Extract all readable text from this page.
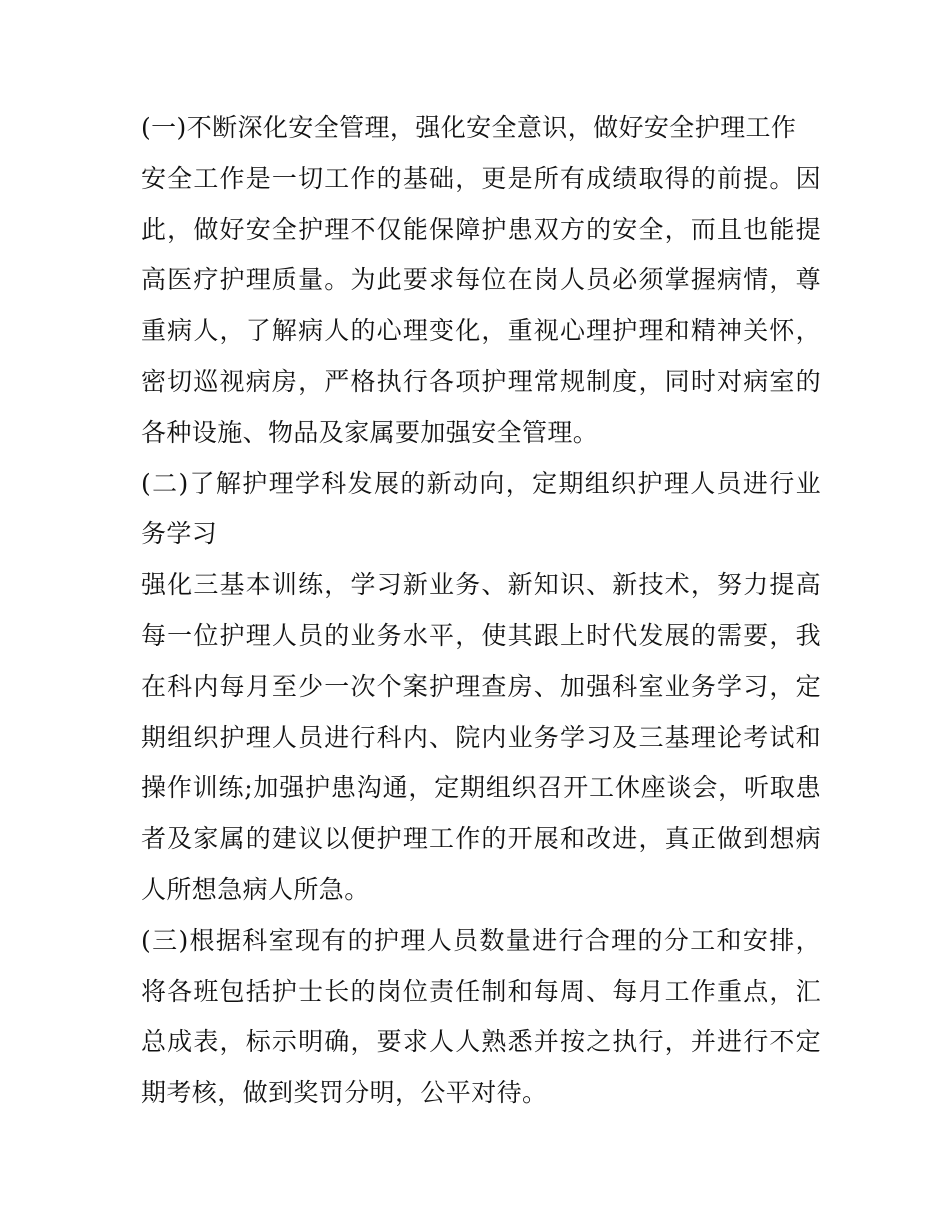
(一)不断深化安全管理，强化安全意识，做好安全护理工作

安全工作是一切工作的基础，更是所有成绩取得的前提。因此，做好安全护理不仅能保障护患双方的安全，而且也能提高医疗护理质量。为此要求每位在岗人员必须掌握病情，尊重病人，了解病人的心理变化，重视心理护理和精神关怀，密切巡视病房，严格执行各项护理常规制度，同时对病室的各种设施、物品及家属要加强安全管理。

(二)了解护理学科发展的新动向，定期组织护理人员进行业务学习

强化三基本训练，学习新业务、新知识、新技术，努力提高每一位护理人员的业务水平，使其跟上时代发展的需要，我在科内每月至少一次个案护理查房、加强科室业务学习，定期组织护理人员进行科内、院内业务学习及三基理论考试和操作训练;加强护患沟通，定期组织召开工休座谈会，听取患者及家属的建议以便护理工作的开展和改进，真正做到想病人所想急病人所急。

(三)根据科室现有的护理人员数量进行合理的分工和安排，将各班包括护士长的岗位责任制和每周、每月工作重点，汇总成表，标示明确，要求人人熟悉并按之执行，并进行不定期考核，做到奖罚分明，公平对待。
